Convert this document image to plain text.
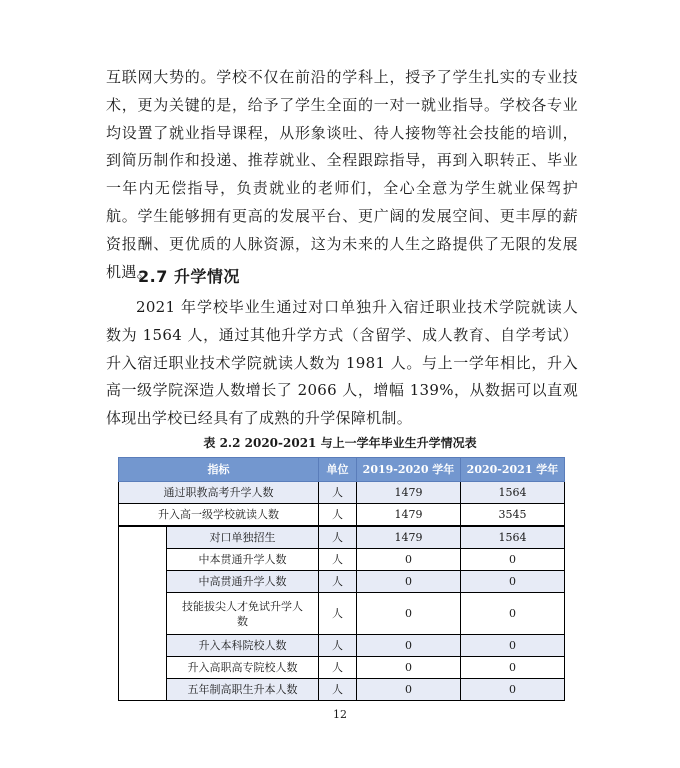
互联网大势的。学校不仅在前沿的学科上，授予了学生扎实的专业技术，更为关键的是，给予了学生全面的一对一就业指导。学校各专业均设置了就业指导课程，从形象谈吐、待人接物等社会技能的培训，到简历制作和投递、推荐就业、全程跟踪指导，再到入职转正、毕业一年内无偿指导，负责就业的老师们，全心全意为学生就业保驾护航。学生能够拥有更高的发展平台、更广阔的发展空间、更丰厚的薪资报酬、更优质的人脉资源，这为未来的人生之路提供了无限的发展机遇。

2.7 升学情况

2021 年学校毕业生通过对口单独升入宿迁职业技术学院就读人数为 1564 人，通过其他升学方式（含留学、成人教育、自学考试）升入宿迁职业技术学院就读人数为 1981 人。与上一学年相比，升入高一级学院深造人数增长了 2066 人，增幅 139%，从数据可以直观体现出学校已经具有了成熟的升学保障机制。

表 2.2 2020-2021 与上一学年毕业生升学情况表

指标		单位	2019-2020 学年	2020-2021 学年
通过职教高考升学人数		人	1479	1564
升入高一级学校就读人数		人	1479	3545
	对口单独招生	人	1479	1564
	中本贯通升学人数	人	0	0
	中高贯通升学人数	人	0	0
	技能拔尖人才免试升学人数	人	0	0
	升入本科院校人数	人	0	0
	升入高职高专院校人数	人	0	0
	五年制高职生升本人数	人	0	0

12
